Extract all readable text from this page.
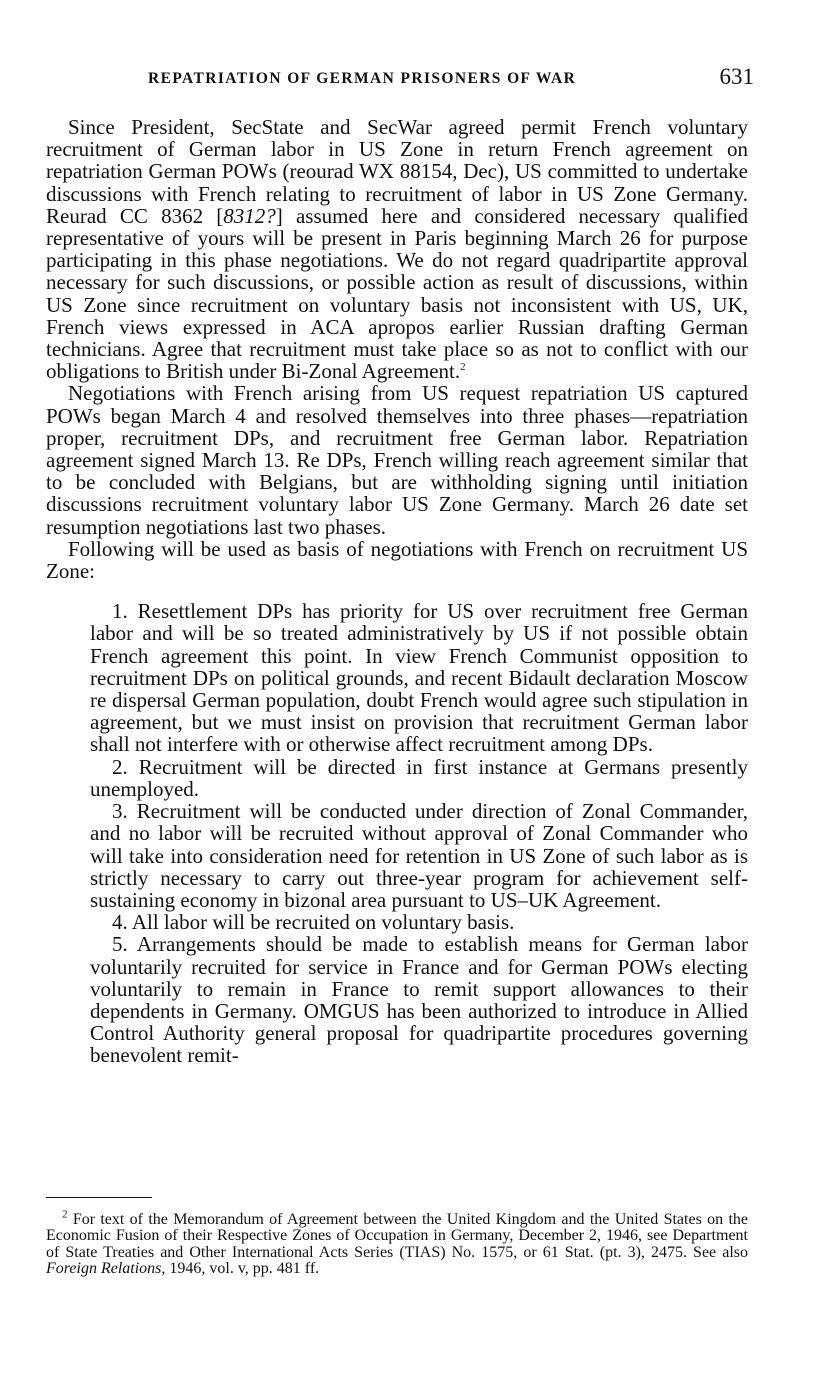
REPATRIATION OF GERMAN PRISONERS OF WAR	631

Since President, SecState and SecWar agreed permit French voluntary recruitment of German labor in US Zone in return French agreement on repatriation German POWs (reourad WX 88154, Dec), US committed to undertake discussions with French relating to recruitment of labor in US Zone Germany. Reurad CC 8362 [8312?] assumed here and considered necessary qualified representative of yours will be present in Paris beginning March 26 for purpose participating in this phase negotiations. We do not regard quadripartite approval necessary for such discussions, or possible action as result of discussions, within US Zone since recruitment on voluntary basis not inconsistent with US, UK, French views expressed in ACA apropos earlier Russian drafting German technicians. Agree that recruitment must take place so as not to conflict with our obligations to British under Bi-Zonal Agreement.$^2$

Negotiations with French arising from US request repatriation US captured POWs began March 4 and resolved themselves into three phases—repatriation proper, recruitment DPs, and recruitment free German labor. Repatriation agreement signed March 13. Re DPs, French willing reach agreement similar that to be concluded with Belgians, but are withholding signing until initiation discussions recruitment voluntary labor US Zone Germany. March 26 date set resumption negotiations last two phases.

Following will be used as basis of negotiations with French on recruitment US Zone:

1. Resettlement DPs has priority for US over recruitment free German labor and will be so treated administratively by US if not possible obtain French agreement this point. In view French Communist opposition to recruitment DPs on political grounds, and recent Bidault declaration Moscow re dispersal German population, doubt French would agree such stipulation in agreement, but we must insist on provision that recruitment German labor shall not interfere with or otherwise affect recruitment among DPs.

2. Recruitment will be directed in first instance at Germans presently unemployed.

3. Recruitment will be conducted under direction of Zonal Commander, and no labor will be recruited without approval of Zonal Commander who will take into consideration need for retention in US Zone of such labor as is strictly necessary to carry out three-year program for achievement self-sustaining economy in bizonal area pursuant to US–UK Agreement.

4. All labor will be recruited on voluntary basis.

5. Arrangements should be made to establish means for German labor voluntarily recruited for service in France and for German POWs electing voluntarily to remain in France to remit support allowances to their dependents in Germany. OMGUS has been authorized to introduce in Allied Control Authority general proposal for quadripartite procedures governing benevolent remit-

$^2$ For text of the Memorandum of Agreement between the United Kingdom and the United States on the Economic Fusion of their Respective Zones of Occupation in Germany, December 2, 1946, see Department of State Treaties and Other International Acts Series (TIAS) No. 1575, or 61 Stat. (pt. 3), 2475. See also Foreign Relations, 1946, vol. v, pp. 481 ff.
